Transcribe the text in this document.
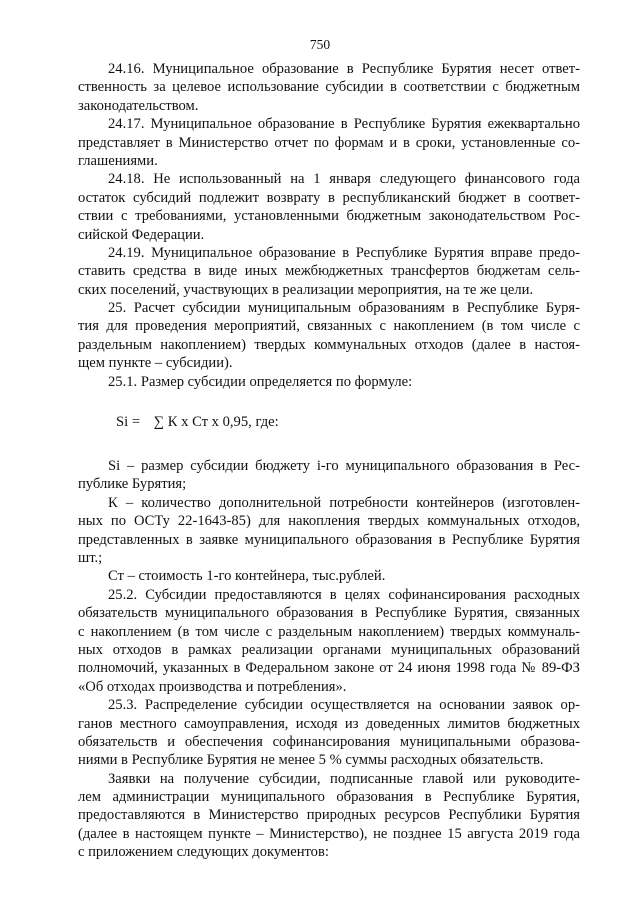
750
24.16. Муниципальное образование в Республике Бурятия несет ответ-
ственность за целевое использование субсидии в соответствии с бюджетным
законодательством.
24.17. Муниципальное образование в Республике Бурятия ежеквартально
представляет в Министерство отчет по формам и в сроки, установленные со-
глашениями.
24.18. Не использованный на 1 января следующего финансового года
остаток субсидий подлежит возврату в республиканский бюджет в соответ-
ствии с требованиями, установленными бюджетным законодательством Рос-
сийской Федерации.
24.19. Муниципальное образование в Республике Бурятия вправе предо-
ставить средства в виде иных межбюджетных трансфертов бюджетам сель-
ских поселений, участвующих в реализации мероприятия, на те же цели.
25. Расчет субсидии муниципальным образованиям в Республике Буря-
тия для проведения мероприятий, связанных с накоплением (в том числе с
раздельным накоплением) твердых коммунальных отходов (далее в настоя-
щем пункте – субсидии).
25.1. Размер субсидии определяется по формуле:
Si = ∑ К х Ст х 0,95, где:
Si – размер субсидии бюджету i-го муниципального образования в Рес-
публике Бурятия;
К – количество дополнительной потребности контейнеров (изготовлен-
ных по ОСТу 22-1643-85) для накопления твердых коммунальных отходов,
представленных в заявке муниципального образования в Республике Бурятия
шт.;
Ст – стоимость 1-го контейнера, тыс.рублей.
25.2. Субсидии предоставляются в целях софинансирования расходных
обязательств муниципального образования в Республике Бурятия, связанных
с накоплением (в том числе с раздельным накоплением) твердых коммуналь-
ных отходов в рамках реализации органами муниципальных образований
полномочий, указанных в Федеральном законе от 24 июня 1998 года № 89-ФЗ
«Об отходах производства и потребления».
25.3. Распределение субсидии осуществляется на основании заявок ор-
ганов местного самоуправления, исходя из доведенных лимитов бюджетных
обязательств и обеспечения софинансирования муниципальными образова-
ниями в Республике Бурятия не менее 5 % суммы расходных обязательств.
Заявки на получение субсидии, подписанные главой или руководите-
лем администрации муниципального образования в Республике Бурятия,
предоставляются в Министерство природных ресурсов Республики Бурятия
(далее в настоящем пункте – Министерство), не позднее 15 августа 2019 года
с приложением следующих документов:
